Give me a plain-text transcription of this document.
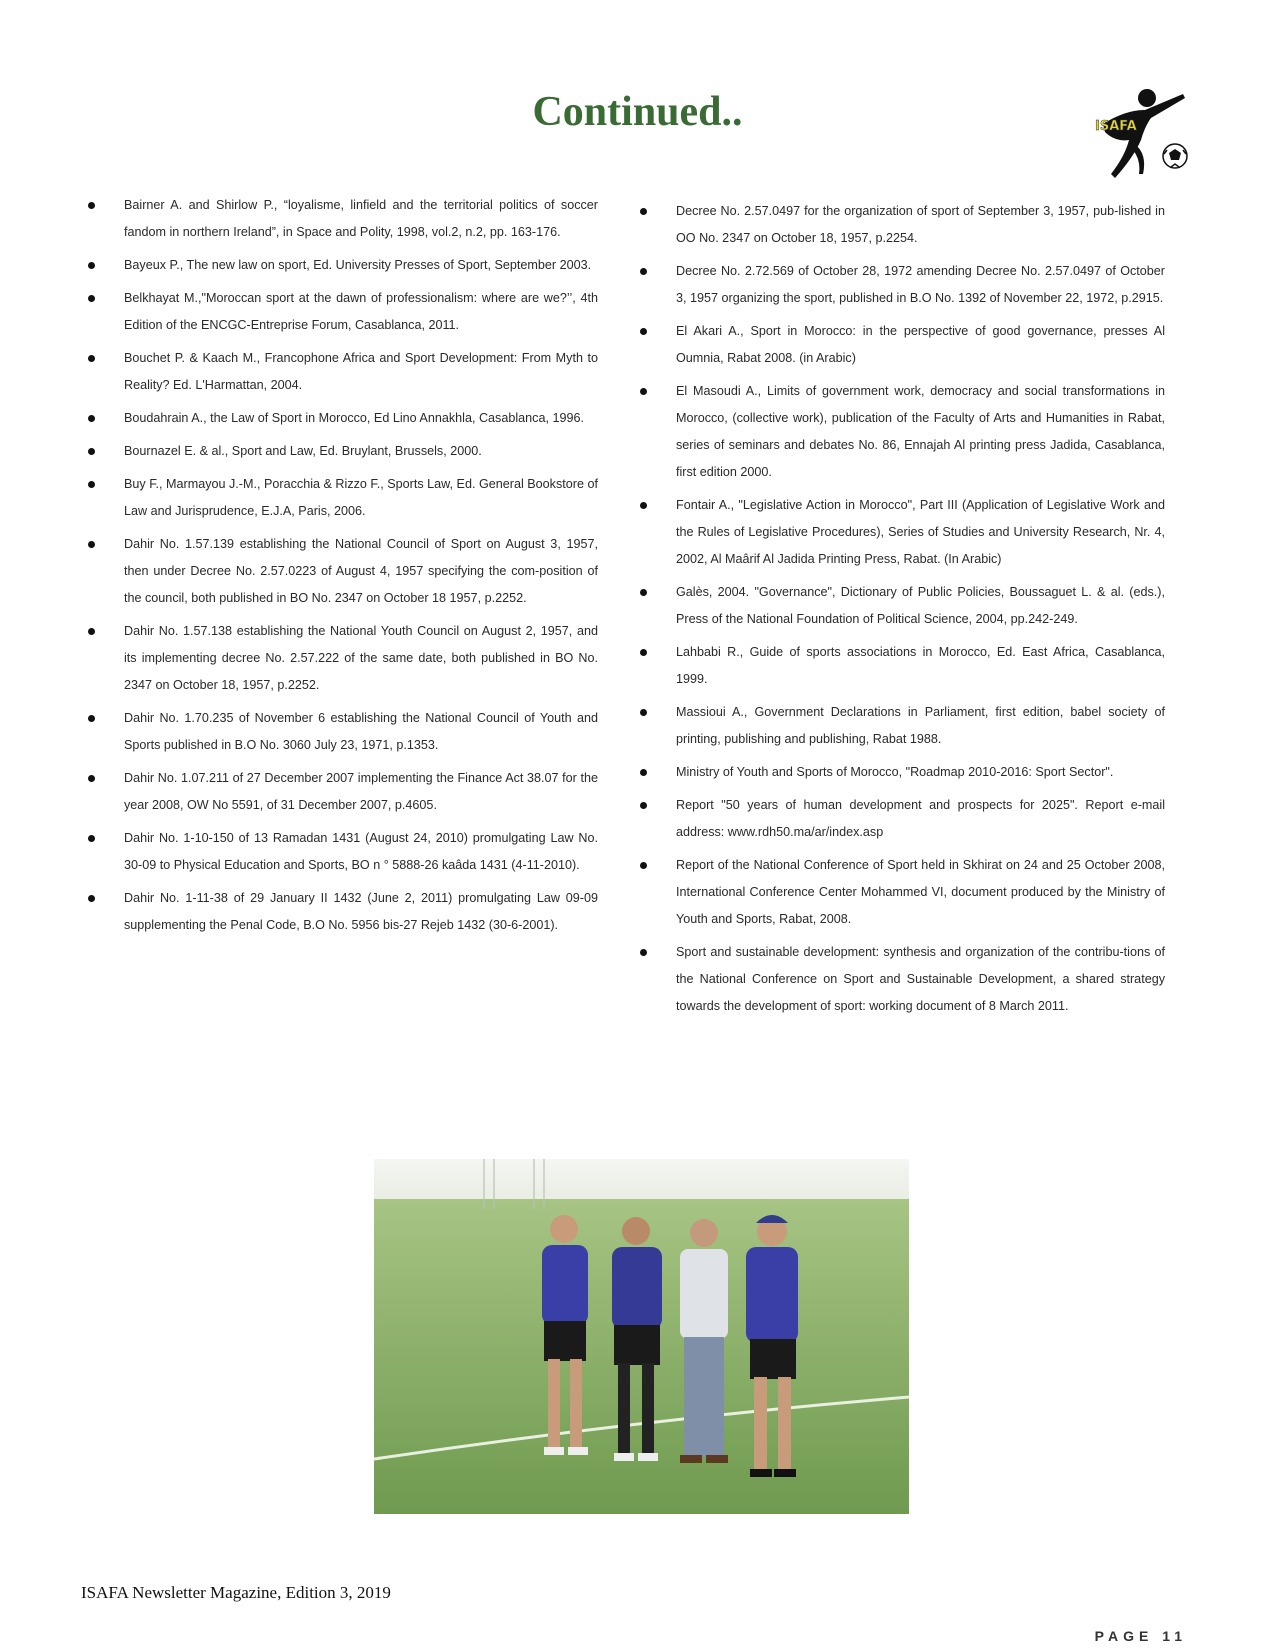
Continued..	ISAFA
Bairner A. and Shirlow P., “loyalisme, linfield and the territorial politics of soccer fandom in northern Ireland”, in Space and Polity, 1998, vol.2, n.2, pp. 163-176.
Bayeux P., The new law on sport, Ed. University Presses of Sport, September 2003.
Belkhayat M.,"Moroccan sport at the dawn of professionalism: where are we?’’, 4th Edition of the ENCGC-Entreprise Forum, Casablanca, 2011.
Bouchet P. & Kaach M., Francophone Africa and Sport Development: From Myth to Reality? Ed. L'Harmattan, 2004.
Boudahrain A., the Law of Sport in Morocco, Ed Lino Annakhla, Casablanca, 1996.
Bournazel E. & al., Sport and Law, Ed. Bruylant, Brussels, 2000.
Buy F., Marmayou J.-M., Poracchia & Rizzo F., Sports Law, Ed. General Bookstore of Law and Jurisprudence, E.J.A, Paris, 2006.
Dahir No. 1.57.139 establishing the National Council of Sport on August 3, 1957, then under Decree No. 2.57.0223 of August 4, 1957 specifying the com-position of the council, both published in BO No. 2347 on October 18 1957, p.2252.
Dahir No. 1.57.138 establishing the National Youth Council on August 2, 1957, and its implementing decree No. 2.57.222 of the same date, both published in BO No. 2347 on October 18, 1957, p.2252.
Dahir No. 1.70.235 of November 6 establishing the National Council of Youth and Sports published in B.O No. 3060 July 23, 1971, p.1353.
Dahir No. 1.07.211 of 27 December 2007 implementing the Finance Act 38.07 for the year 2008, OW No 5591, of 31 December 2007, p.4605.
Dahir No. 1-10-150 of 13 Ramadan 1431 (August 24, 2010) promulgating Law No. 30-09 to Physical Education and Sports, BO n ° 5888-26 kaâda 1431 (4-11-2010).
Dahir No. 1-11-38 of 29 January II 1432 (June 2, 2011) promulgating Law 09-09 supplementing the Penal Code, B.O No. 5956 bis-27 Rejeb 1432 (30-6-2001).
Decree No. 2.57.0497 for the organization of sport of September 3, 1957, pub-lished in OO No. 2347 on October 18, 1957, p.2254.
Decree No. 2.72.569 of October 28, 1972 amending Decree No. 2.57.0497 of October 3, 1957 organizing the sport, published in B.O No. 1392 of November 22, 1972, p.2915.
El Akari A., Sport in Morocco: in the perspective of good governance, presses Al Oumnia, Rabat 2008. (in Arabic)
El Masoudi A., Limits of government work, democracy and social transformations in Morocco, (collective work), publication of the Faculty of Arts and Humanities in Rabat, series of seminars and debates No. 86, Ennajah Al printing press Jadida, Casablanca, first edition 2000.
Fontair A., "Legislative Action in Morocco", Part III (Application of Legislative Work and the Rules of Legislative Procedures), Series of Studies and University Research, Nr. 4, 2002, Al Maârif Al Jadida Printing Press, Rabat. (In Arabic)
Galès, 2004. "Governance", Dictionary of Public Policies, Boussaguet L. & al. (eds.), Press of the National Foundation of Political Science, 2004, pp.242-249.
Lahbabi R., Guide of sports associations in Morocco, Ed. East Africa, Casablanca, 1999.
Massioui A., Government Declarations in Parliament, first edition, babel society of printing, publishing and publishing, Rabat 1988.
Ministry of Youth and Sports of Morocco, "Roadmap 2010-2016: Sport Sector".
Report "50 years of human development and prospects for 2025". Report e-mail address: www.rdh50.ma/ar/index.asp
Report of the National Conference of Sport held in Skhirat on 24 and 25 October 2008, International Conference Center Mohammed VI, document produced by the Ministry of Youth and Sports, Rabat, 2008.
Sport and sustainable development: synthesis and organization of the contribu-tions of the National Conference on Sport and Sustainable Development, a shared strategy towards the development of sport: working document of 8 March 2011.
ISAFA Newsletter Magazine, Edition 3, 2019
PAGE 11
